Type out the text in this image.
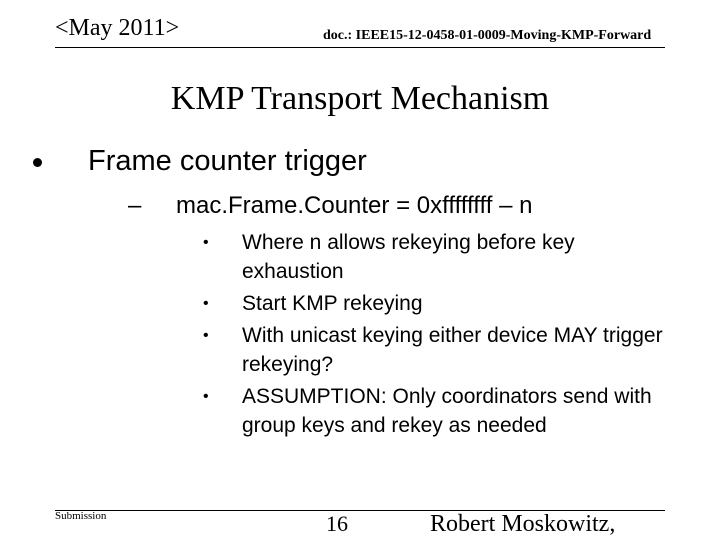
<May 2011>	doc.: IEEE15-12-0458-01-0009-Moving-KMP-Forward
KMP Transport Mechanism
Frame counter trigger
– mac.Frame.Counter = 0xffffffff – n
• Where n allows rekeying before key exhaustion
• Start KMP rekeying
• With unicast keying either device MAY trigger rekeying?
• ASSUMPTION: Only coordinators send with group keys and rekey as needed
Submission	16	Robert Moskowitz,
